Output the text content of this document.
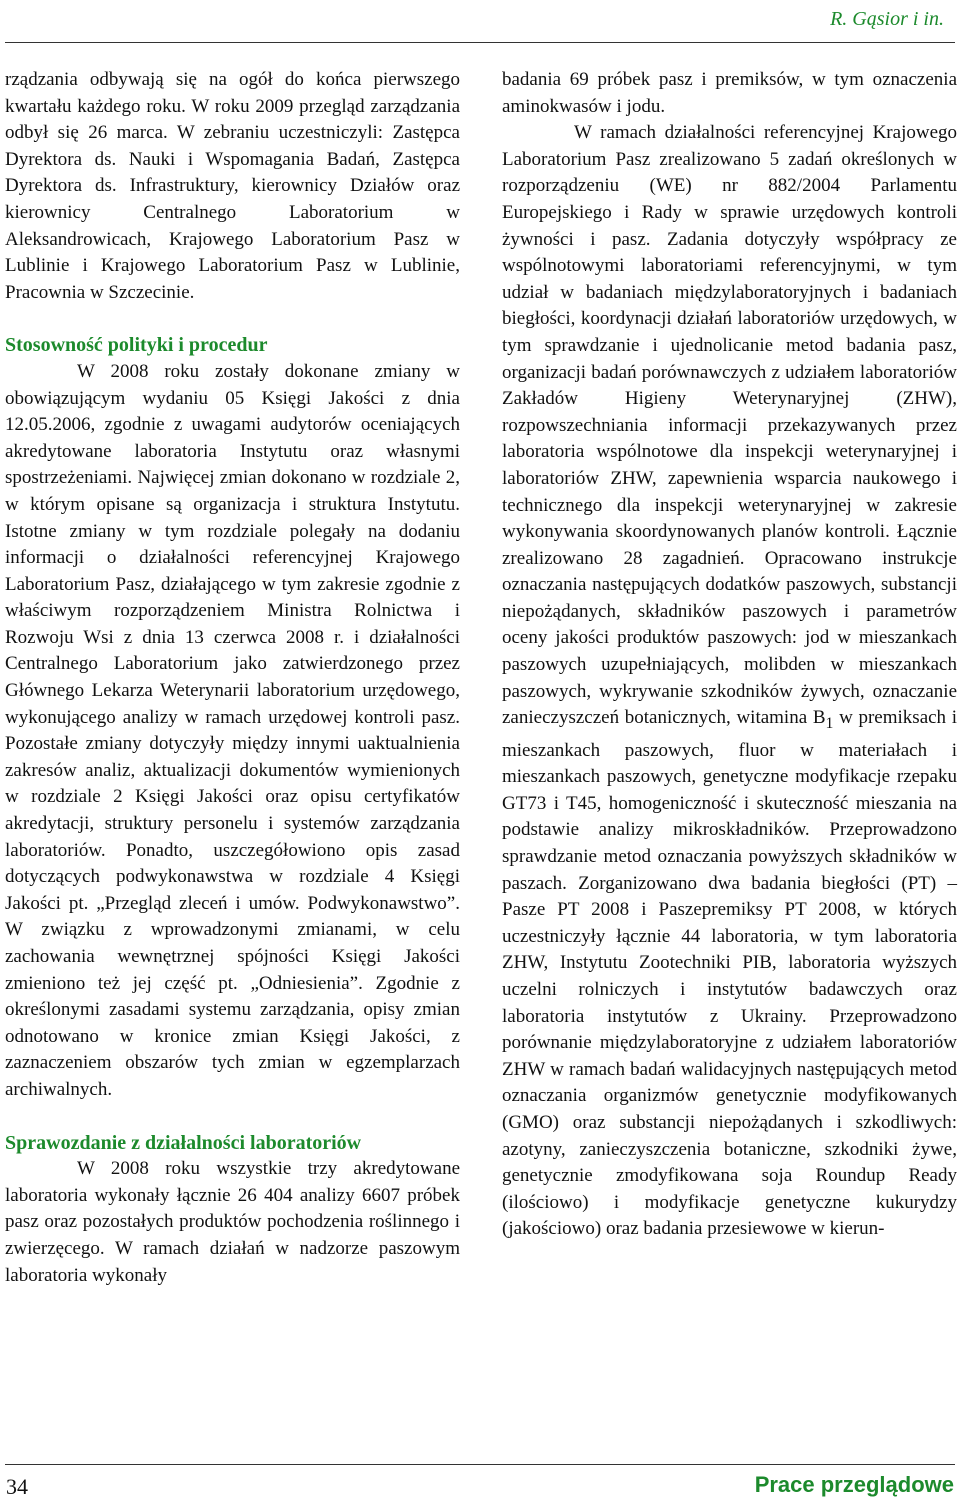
R. Gąsior i in.

rządzania odbywają się na ogół do końca pierwszego kwartału każdego roku. W roku 2009 przegląd zarządzania odbył się 26 marca. W zebraniu uczestniczyli: Zastępca Dyrektora ds. Nauki i Wspomagania Badań, Zastępca Dyrektora ds. Infrastruktury, kierownicy Działów oraz kierownicy Centralnego Laboratorium w Aleksandrowicach, Krajowego Laboratorium Pasz w Lublinie i Krajowego Laboratorium Pasz w Lublinie, Pracownia w Szczecinie.

Stosowność polityki i procedur

W 2008 roku zostały dokonane zmiany w obowiązującym wydaniu 05 Księgi Jakości z dnia 12.05.2006, zgodnie z uwagami audytorów oceniających akredytowane laboratoria Instytutu oraz własnymi spostrzeżeniami. Najwięcej zmian dokonano w rozdziale 2, w którym opisane są organizacja i struktura Instytutu. Istotne zmiany w tym rozdziale polegały na dodaniu informacji o działalności referencyjnej Krajowego Laboratorium Pasz, działającego w tym zakresie zgodnie z właściwym rozporządzeniem Ministra Rolnictwa i Rozwoju Wsi z dnia 13 czerwca 2008 r. i działalności Centralnego Laboratorium jako zatwierdzonego przez Głównego Lekarza Weterynarii laboratorium urzędowego, wykonującego analizy w ramach urzędowej kontroli pasz. Pozostałe zmiany dotyczyły między innymi uaktualnienia zakresów analiz, aktualizacji dokumentów wymienionych w rozdziale 2 Księgi Jakości oraz opisu certyfikatów akredytacji, struktury personelu i systemów zarządzania laboratoriów. Ponadto, uszczegółowiono opis zasad dotyczących podwykonawstwa w rozdziale 4 Księgi Jakości pt. „Przegląd zleceń i umów. Podwykonawstwo”. W związku z wprowadzonymi zmianami, w celu zachowania wewnętrznej spójności Księgi Jakości zmieniono też jej część pt. „Odniesienia”. Zgodnie z określonymi zasadami systemu zarządzania, opisy zmian odnotowano w kronice zmian Księgi Jakości, z zaznaczeniem obszarów tych zmian w egzemplarzach archiwalnych.

Sprawozdanie z działalności laboratoriów

W 2008 roku wszystkie trzy akredytowane laboratoria wykonały łącznie 26 404 analizy 6607 próbek pasz oraz pozostałych produktów pochodzenia roślinnego i zwierzęcego. W ramach działań w nadzorze paszowym laboratoria wykonały

badania 69 próbek pasz i premiksów, w tym oznaczenia aminokwasów i jodu.

W ramach działalności referencyjnej Krajowego Laboratorium Pasz zrealizowano 5 zadań określonych w rozporządzeniu (WE) nr 882/2004 Parlamentu Europejskiego i Rady w sprawie urzędowych kontroli żywności i pasz. Zadania dotyczyły współpracy ze wspólnotowymi laboratoriami referencyjnymi, w tym udział w badaniach międzylaboratoryjnych i badaniach biegłości, koordynacji działań laboratoriów urzędowych, w tym sprawdzanie i ujednolicanie metod badania pasz, organizacji badań porównawczych z udziałem laboratoriów Zakładów Higieny Weterynaryjnej (ZHW), rozpowszechniania informacji przekazywanych przez laboratoria wspólnotowe dla inspekcji weterynaryjnej i laboratoriów ZHW, zapewnienia wsparcia naukowego i technicznego dla inspekcji weterynaryjnej w zakresie wykonywania skoordynowanych planów kontroli. Łącznie zrealizowano 28 zagadnień. Opracowano instrukcje oznaczania następujących dodatków paszowych, substancji niepożądanych, składników paszowych i parametrów oceny jakości produktów paszowych: jod w mieszankach paszowych uzupełniających, molibden w mieszankach paszowych, wykrywanie szkodników żywych, oznaczanie zanieczyszczeń botanicznych, witamina $B_1$ w premiksach i mieszankach paszowych, fluor w materiałach i mieszankach paszowych, genetyczne modyfikacje rzepaku GT73 i T45, homogeniczność i skuteczność mieszania na podstawie analizy mikroskładników. Przeprowadzono sprawdzanie metod oznaczania powyższych składników w paszach. Zorganizowano dwa badania biegłości (PT) – Pasze PT 2008 i Paszepremiksy PT 2008, w których uczestniczyły łącznie 44 laboratoria, w tym laboratoria ZHW, Instytutu Zootechniki PIB, laboratoria wyższych uczelni rolniczych i instytutów badawczych oraz laboratoria instytutów z Ukrainy. Przeprowadzono porównanie międzylaboratoryjne z udziałem laboratoriów ZHW w ramach badań walidacyjnych następujących metod oznaczania organizmów genetycznie modyfikowanych (GMO) oraz substancji niepożądanych i szkodliwych: azotyny, zanieczyszczenia botaniczne, szkodniki żywe, genetycznie zmodyfikowana soja Roundup Ready (ilościowo) i modyfikacje genetyczne kukurydzy (jakościowo) oraz badania przesiewowe w kierun-

34	Prace przeglądowe
